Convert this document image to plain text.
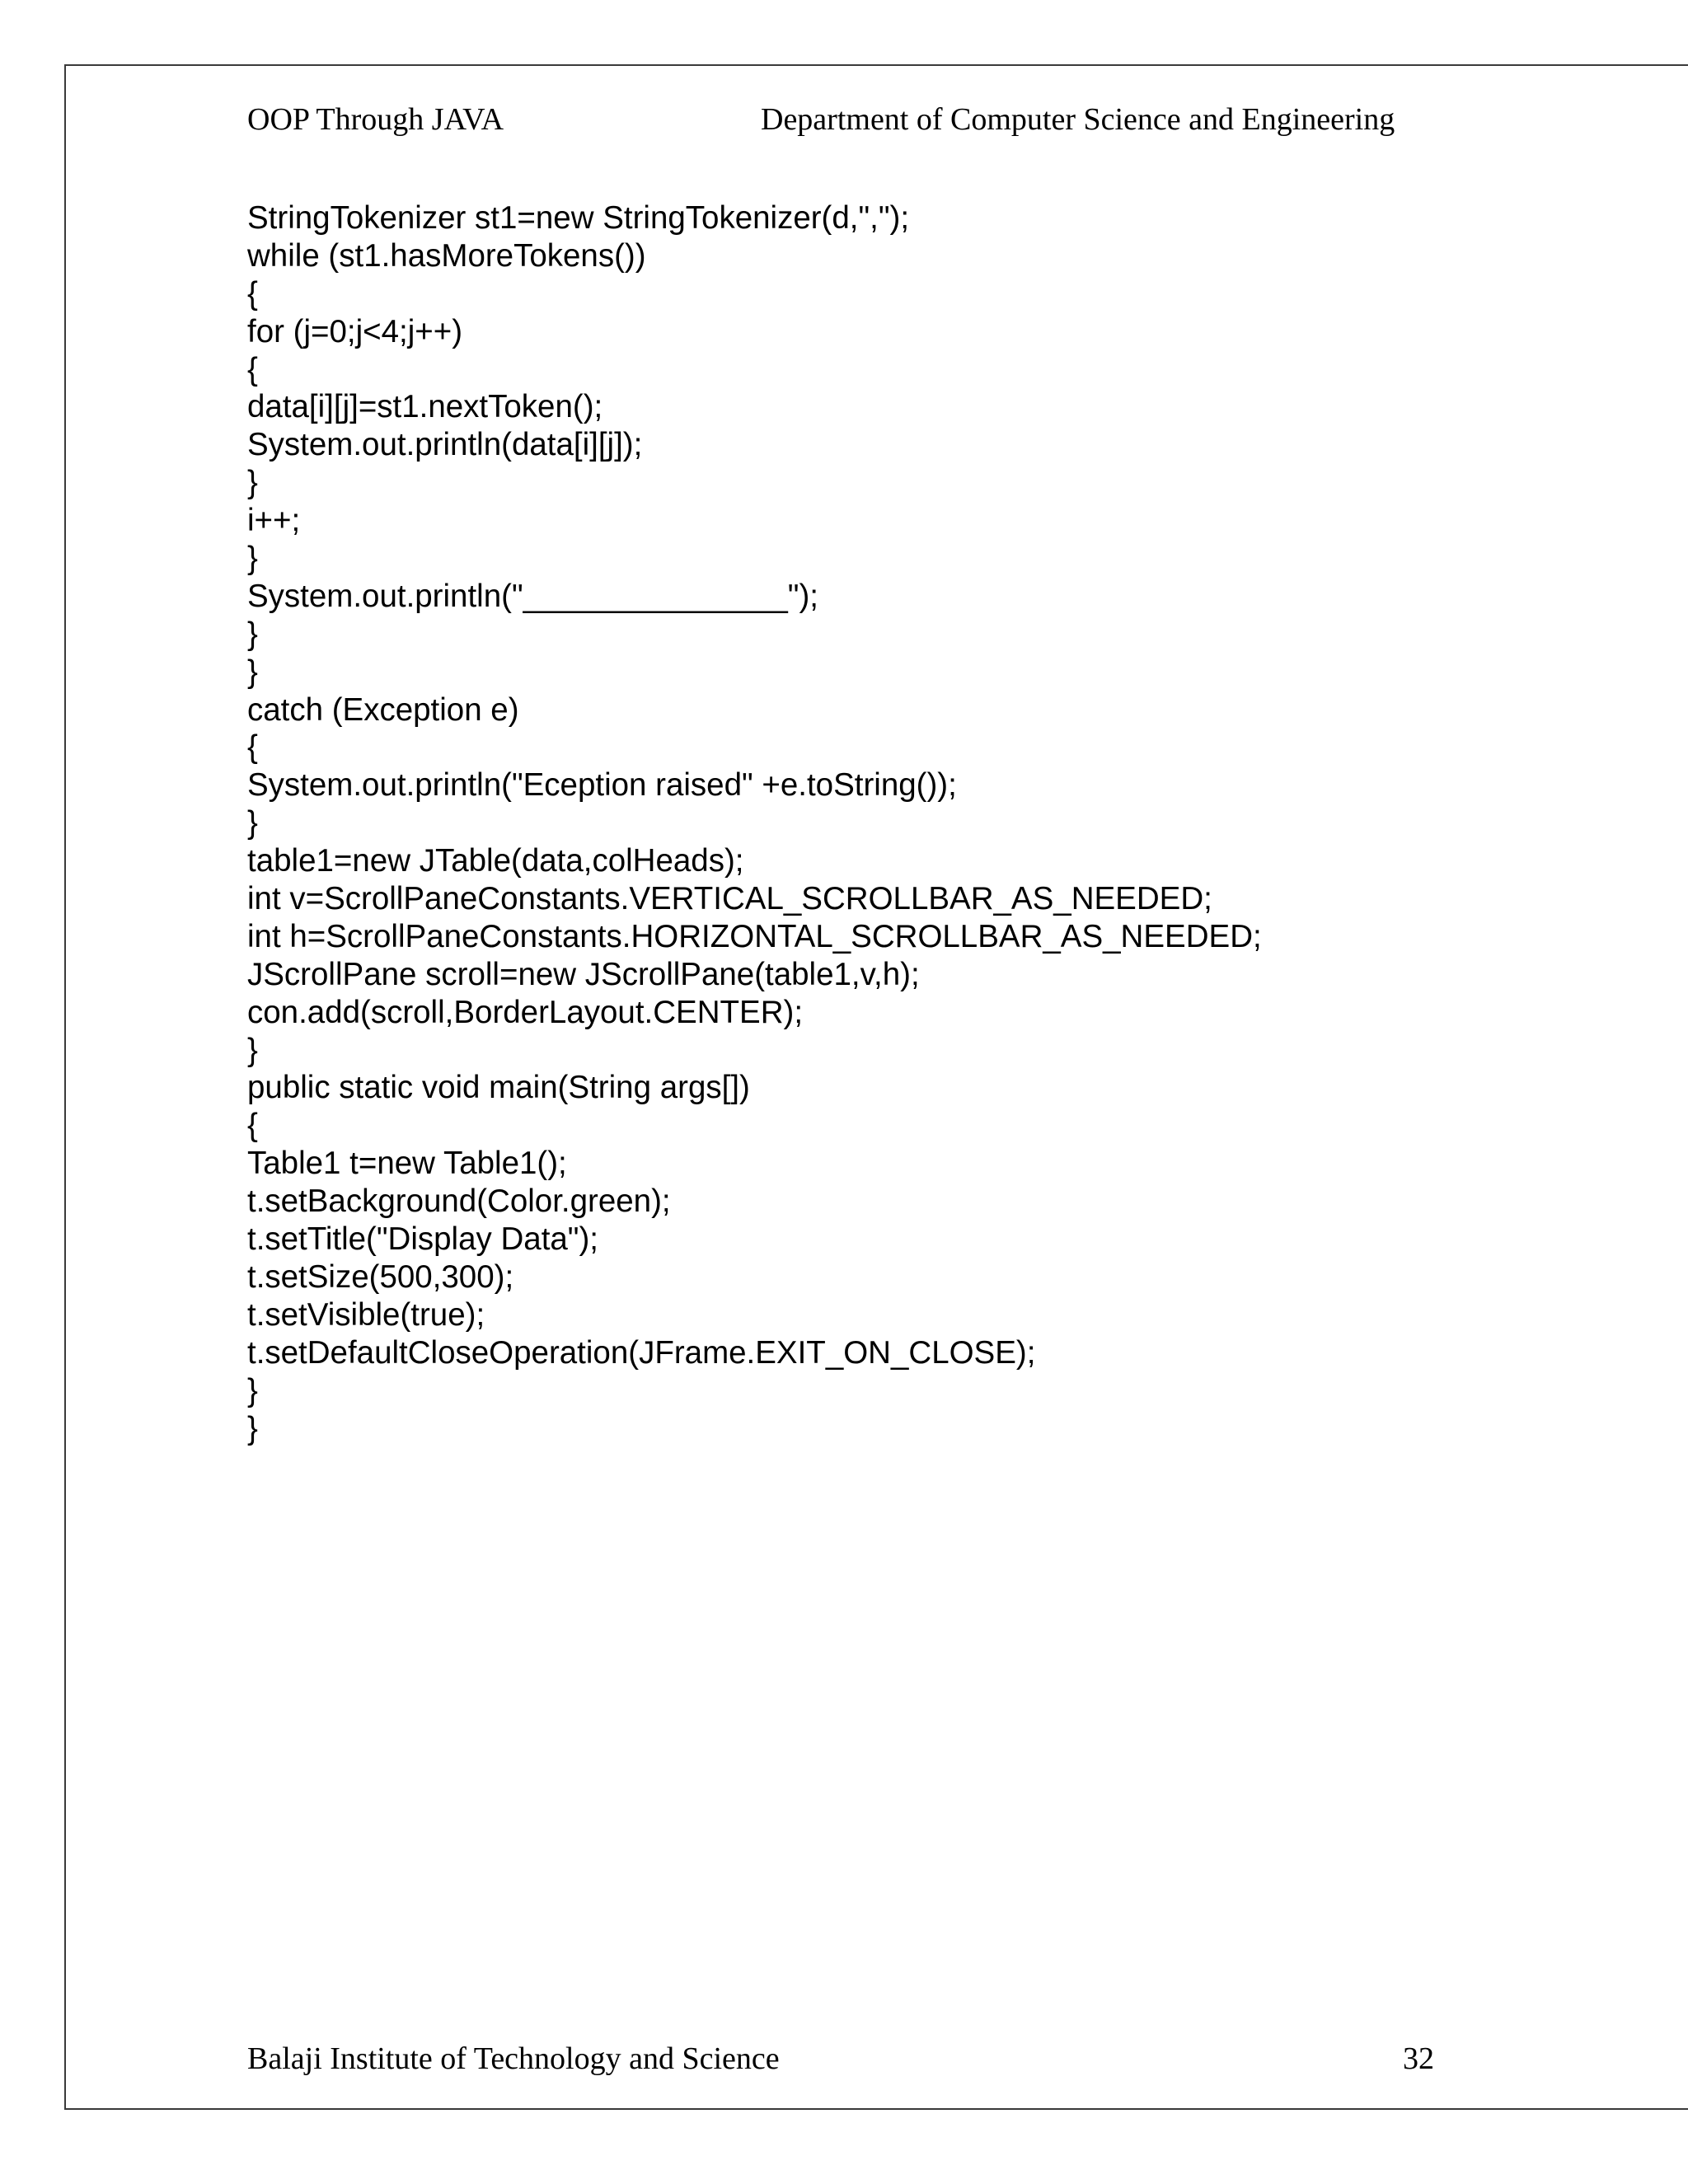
OOP Through JAVA	Department of Computer Science and Engineering
StringTokenizer st1=new StringTokenizer(d,",");
while (st1.hasMoreTokens())
{
for (j=0;j<4;j++)
{
data[i][j]=st1.nextToken();
System.out.println(data[i][j]);
}
i++;
}
System.out.println("_______________");
}
}
catch (Exception e)
{
System.out.println("Eception raised" +e.toString());
}
table1=new JTable(data,colHeads);
int v=ScrollPaneConstants.VERTICAL_SCROLLBAR_AS_NEEDED;
int h=ScrollPaneConstants.HORIZONTAL_SCROLLBAR_AS_NEEDED;
JScrollPane scroll=new JScrollPane(table1,v,h);
con.add(scroll,BorderLayout.CENTER);
}
public static void main(String args[])
{
Table1 t=new Table1();
t.setBackground(Color.green);
t.setTitle("Display Data");
t.setSize(500,300);
t.setVisible(true);
t.setDefaultCloseOperation(JFrame.EXIT_ON_CLOSE);
}
}
Balaji Institute of Technology and Science	32
